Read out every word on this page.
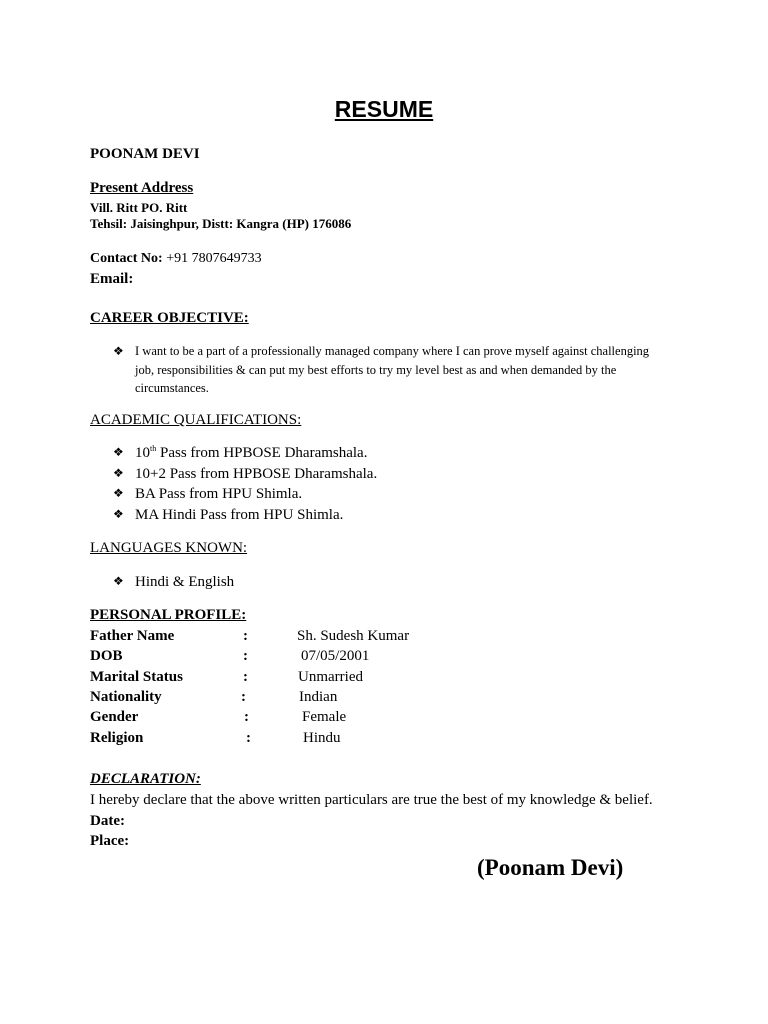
RESUME
POONAM DEVI
Present Address
Vill. Ritt PO. Ritt
Tehsil: Jaisinghpur, Distt: Kangra (HP) 176086
Contact No: +91 7807649733
Email:
CAREER OBJECTIVE:
❖ I want to be a part of a professionally managed company where I can prove myself against challenging job, responsibilities & can put my best efforts to try my level best as and when demanded by the circumstances.
ACADEMIC QUALIFICATIONS:
❖ 10th Pass from HPBOSE Dharamshala.
❖ 10+2 Pass from HPBOSE Dharamshala.
❖ BA Pass from HPU Shimla.
❖ MA Hindi Pass from HPU Shimla.
LANGUAGES KNOWN:
❖ Hindi & English
PERSONAL PROFILE:
Father Name	:	Sh. Sudesh Kumar
DOB	:	07/05/2001
Marital Status	:	Unmarried
Nationality	:	Indian
Gender	:	Female
Religion	:	Hindu
DECLARATION:
I hereby declare that the above written particulars are true the best of my knowledge & belief.
Date:
Place:
(Poonam Devi)
